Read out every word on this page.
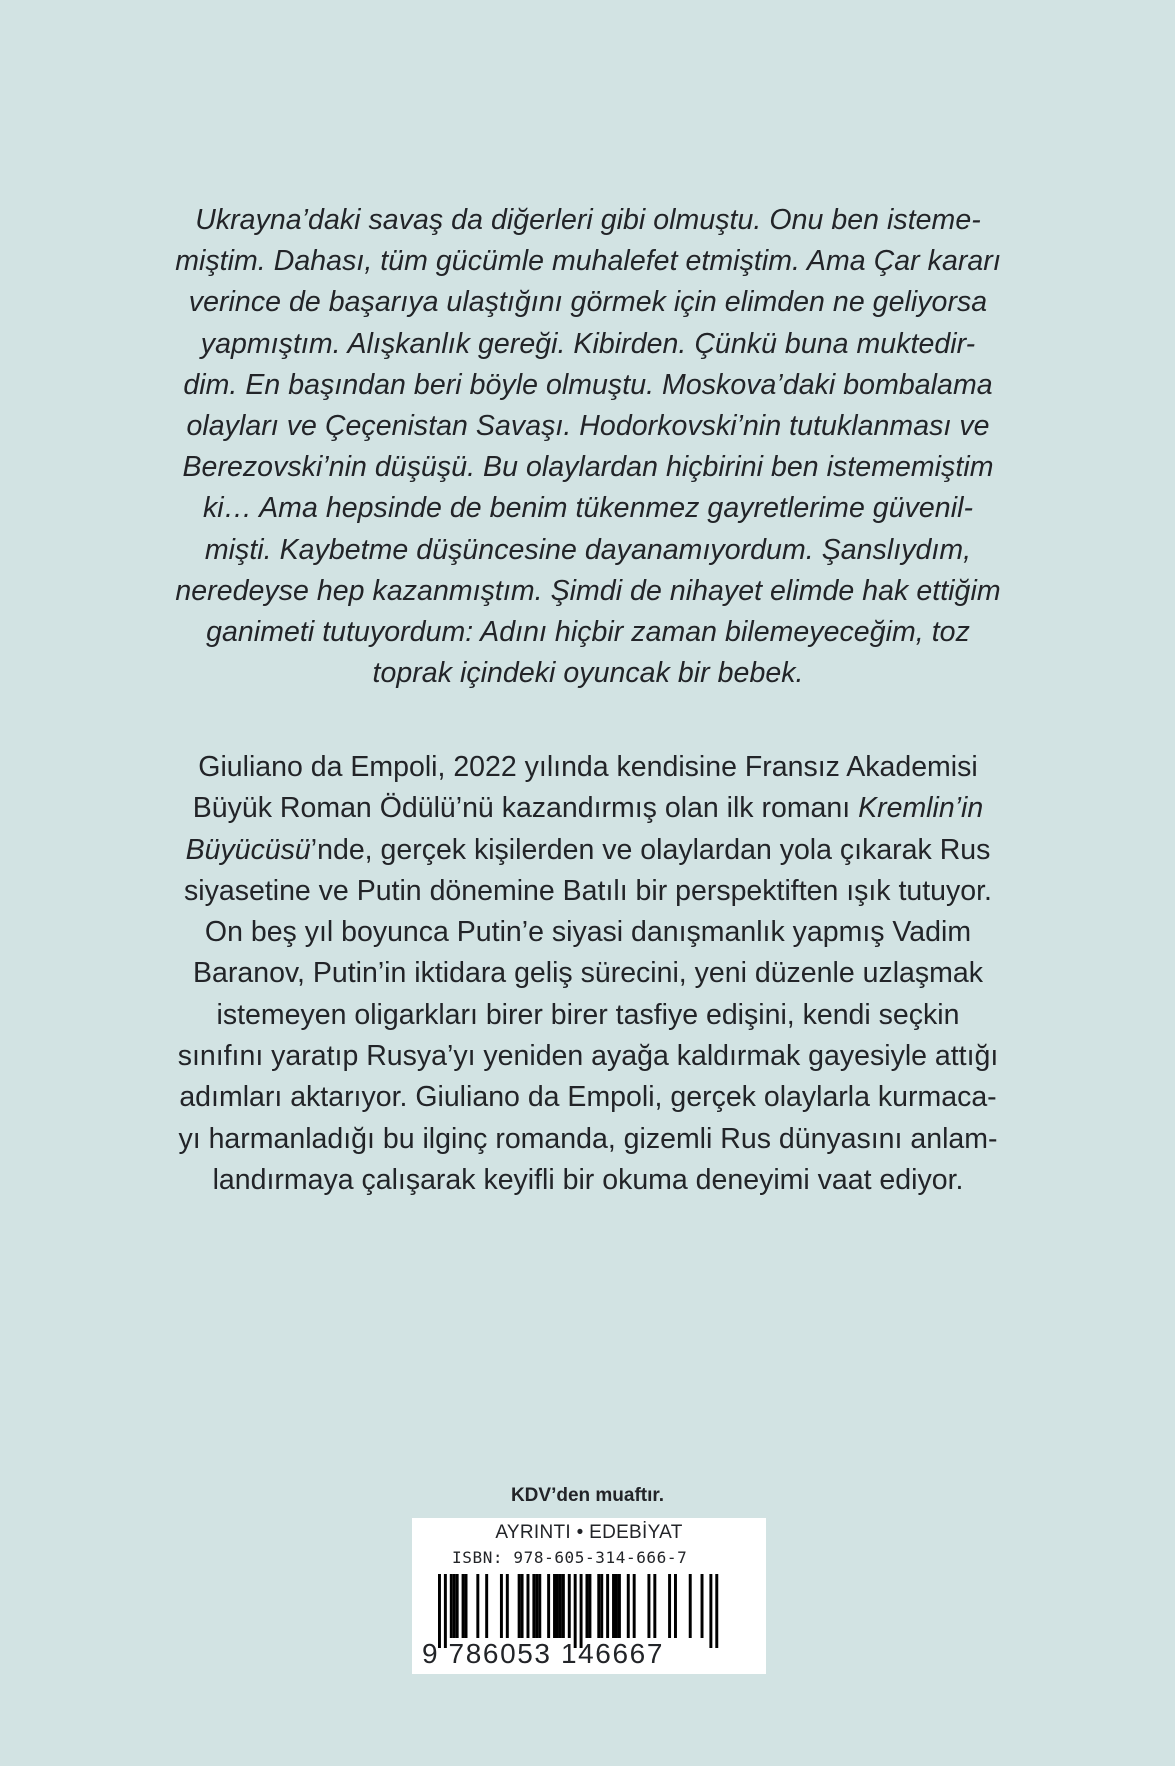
Ukrayna’daki savaş da diğerleri gibi olmuştu. Onu ben isteme-
miştim. Dahası, tüm gücümle muhalefet etmiştim. Ama Çar kararı
verince de başarıya ulaştığını görmek için elimden ne geliyorsa
yapmıştım. Alışkanlık gereği. Kibirden. Çünkü buna muktedir-
dim. En başından beri böyle olmuştu. Moskova’daki bombalama
olayları ve Çeçenistan Savaşı. Hodorkovski’nin tutuklanması ve
Berezovski’nin düşüşü. Bu olaylardan hiçbirini ben istememiştim
ki… Ama hepsinde de benim tükenmez gayretlerime güvenil-
mişti. Kaybetme düşüncesine dayanamıyordum. Şanslıydım,
neredeyse hep kazanmıştım. Şimdi de nihayet elimde hak ettiğim
ganimeti tutuyordum: Adını hiçbir zaman bilemeyeceğim, toz
toprak içindeki oyuncak bir bebek.
Giuliano da Empoli, 2022 yılında kendisine Fransız Akademisi
Büyük Roman Ödülü’nü kazandırmış olan ilk romanı Kremlin’in
Büyücüsü’nde, gerçek kişilerden ve olaylardan yola çıkarak Rus
siyasetine ve Putin dönemine Batılı bir perspektiften ışık tutuyor.
On beş yıl boyunca Putin’e siyasi danışmanlık yapmış Vadim
Baranov, Putin’in iktidara geliş sürecini, yeni düzenle uzlaşmak
istemeyen oligarkları birer birer tasfiye edişini, kendi seçkin
sınıfını yaratıp Rusya’yı yeniden ayağa kaldırmak gayesiyle attığı
adımları aktarıyor. Giuliano da Empoli, gerçek olaylarla kurmaca-
yı harmanladığı bu ilginç romanda, gizemli Rus dünyasını anlam-
landırmaya çalışarak keyifli bir okuma deneyimi vaat ediyor.
KDV’den muaftır.
AYRINTI • EDEBİYAT
ISBN: 978-605-314-666-7
9 786053 146667
